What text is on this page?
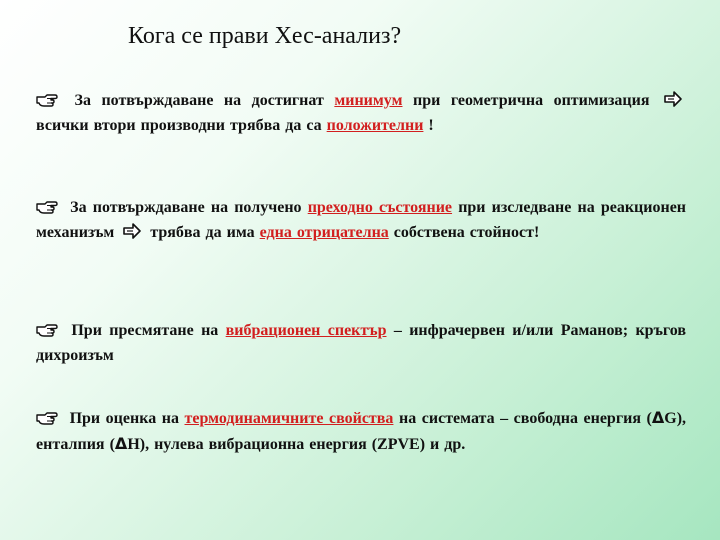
Кога се прави Хес-анализ?
За потвърждаване на достигнат минимум при геометрична оптимизация  всички втори производни трябва да са положителни !
За потвърждаване на получено преходно състояние при изследване на реакционен механизъм  трябва да има една отрицателна собствена стойност!
При пресмятане на вибрационен спектър – инфрачервен и/или Раманов; кръгов дихроизъм
При оценка на термодинамичните свойства на системата – свободна енергия (ΔG), енталпия (ΔH), нулева вибрационна енергия (ZPVE) и др.
